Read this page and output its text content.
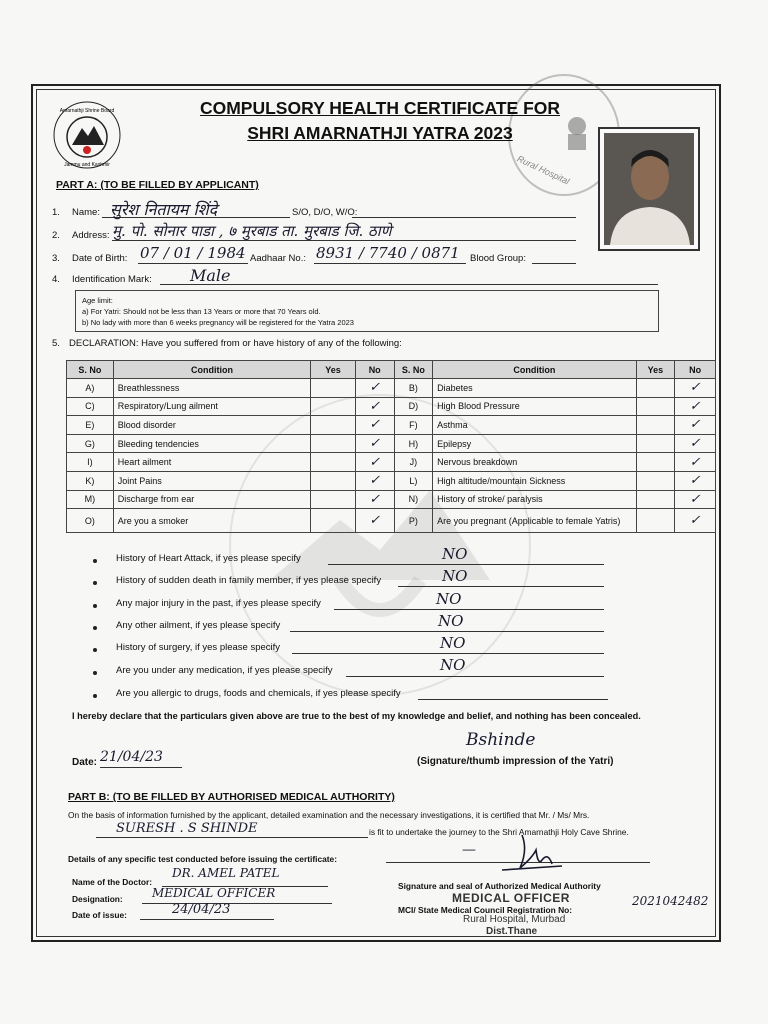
Amarnathji Shrine Board
Jammu and Kashmir	Rural Hospital
COMPULSORY HEALTH CERTIFICATE FOR
SHRI AMARNATHJI YATRA 2023
PART A: (TO BE FILLED BY APPLICANT)
1. Name: सुरेश नितायम शिंदे	S/O, D/O, W/O:
2. Address: मु. पो. सोनार पाडा , ७ मुरबाड ता. मुरबाड जि. ठाणे
3. Date of Birth: 07 / 01 / 1984 Aadhaar No.: 8931 / 7740 / 0871 Blood Group:
4. Identification Mark: Male
Age limit:
a) For Yatri: Should not be less than 13 Years or more that 70 Years old.
b) No lady with more than 6 weeks pregnancy will be registered for the Yatra 2023
5. DECLARATION: Have you suffered from or have history of any of the following:
S. No	Condition	Yes	No	S. No	Condition	Yes	No
A)	Breathlessness		✓	B)	Diabetes		✓
C)	Respiratory/Lung ailment		✓	D)	High Blood Pressure		✓
E)	Blood disorder		✓	F)	Asthma		✓
G)	Bleeding tendencies		✓	H)	Epilepsy		✓
I)	Heart ailment		✓	J)	Nervous breakdown		✓
K)	Joint Pains		✓	L)	High altitude/mountain Sickness		✓
M)	Discharge from ear		✓	N)	History of stroke/ paralysis		✓
O)	Are you a smoker		✓	P)	Are you pregnant (Applicable to female Yatris)		✓
History of Heart Attack, if yes please specify	NO
History of sudden death in family member, if yes please specify	NO
Any major injury in the past, if yes please specify	NO
Any other ailment, if yes please specify	NO
History of surgery, if yes please specify	NO
Are you under any medication, if yes please specify	NO
Are you allergic to drugs, foods and chemicals, if yes please specify
I hereby declare that the particulars given above are true to the best of my knowledge and belief, and nothing has been concealed.
Date: 21/04/23
Bshinde
(Signature/thumb impression of the Yatri)
PART B: (TO BE FILLED BY AUTHORISED MEDICAL AUTHORITY)
On the basis of information furnished by the applicant, detailed examination and the necessary investigations, it is certified that Mr. / Ms/ Mrs.
SURESH . S SHINDE	is fit to undertake the journey to the Shri Amarnathji Holy Cave Shrine.
Details of any specific test conducted before issuing the certificate:
—
Name of the Doctor:
DR. AMEL PATEL
Designation: MEDICAL OFFICER
Date of issue:	24/04/23
Signature and seal of Authorized Medical Authority
MCI/ State Medical Council Registration No:
2021042482
MEDICAL OFFICER
Rural Hospital, Murbad
Dist.Thane
